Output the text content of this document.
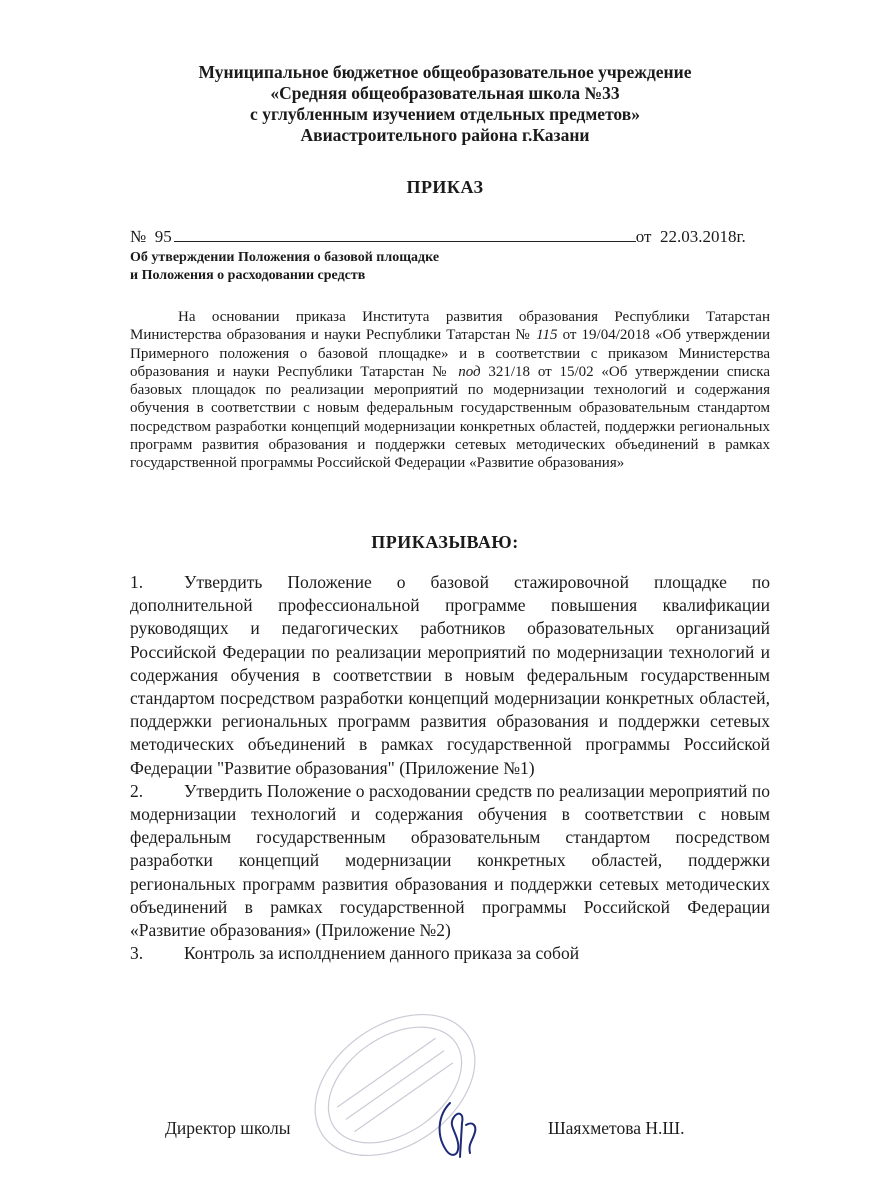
Муниципальное бюджетное общеобразовательное учреждение
«Средняя общеобразовательная школа №33
с углубленным изучением отдельных предметов»
Авиастроительного района г.Казани
ПРИКАЗ
№ 95	от 22.03.2018г.
Об утверждении Положения о базовой площадке
и Положения о расходовании средств
На основании приказа Института развития образования Республики Татарстан Министерства образования и науки Республики Татарстан № 115 от 19/04/2018 «Об утверждении Примерного положения о базовой площадке» и в соответствии с приказом Министерства образования и науки Республики Татарстан № под 321/18 от 15/02 «Об утверждении списка базовых площадок по реализации мероприятий по модернизации технологий и содержания обучения в соответствии с новым федеральным государственным образовательным стандартом посредством разработки концепций модернизации конкретных областей, поддержки региональных программ развития образования и поддержки сетевых методических объединений в рамках государственной программы Российской Федерации «Развитие образования»
ПРИКАЗЫВАЮ:

1. Утвердить Положение о базовой стажировочной площадке по дополнительной профессиональной программе повышения квалификации руководящих и педагогических работников образовательных организаций Российской Федерации по реализации мероприятий по модернизации технологий и содержания обучения в соответствии в новым федеральным государственным стандартом посредством разработки концепций модернизации конкретных областей, поддержки региональных программ развития образования и поддержки сетевых методических объединений в рамках государственной программы Российской Федерации "Развитие образования" (Приложение №1)

2. Утвердить Положение о расходовании средств по реализации мероприятий по модернизации технологий и содержания обучения в соответствии с новым федеральным государственным образовательным стандартом посредством разработки концепций модернизации конкретных областей, поддержки региональных программ развития образования и поддержки сетевых методических объединений в рамках государственной программы Российской Федерации «Развитие образования» (Приложение №2)

3. Контроль за исполднением данного приказа за собой

Директор школы	Шаяхметова Н.Ш.
